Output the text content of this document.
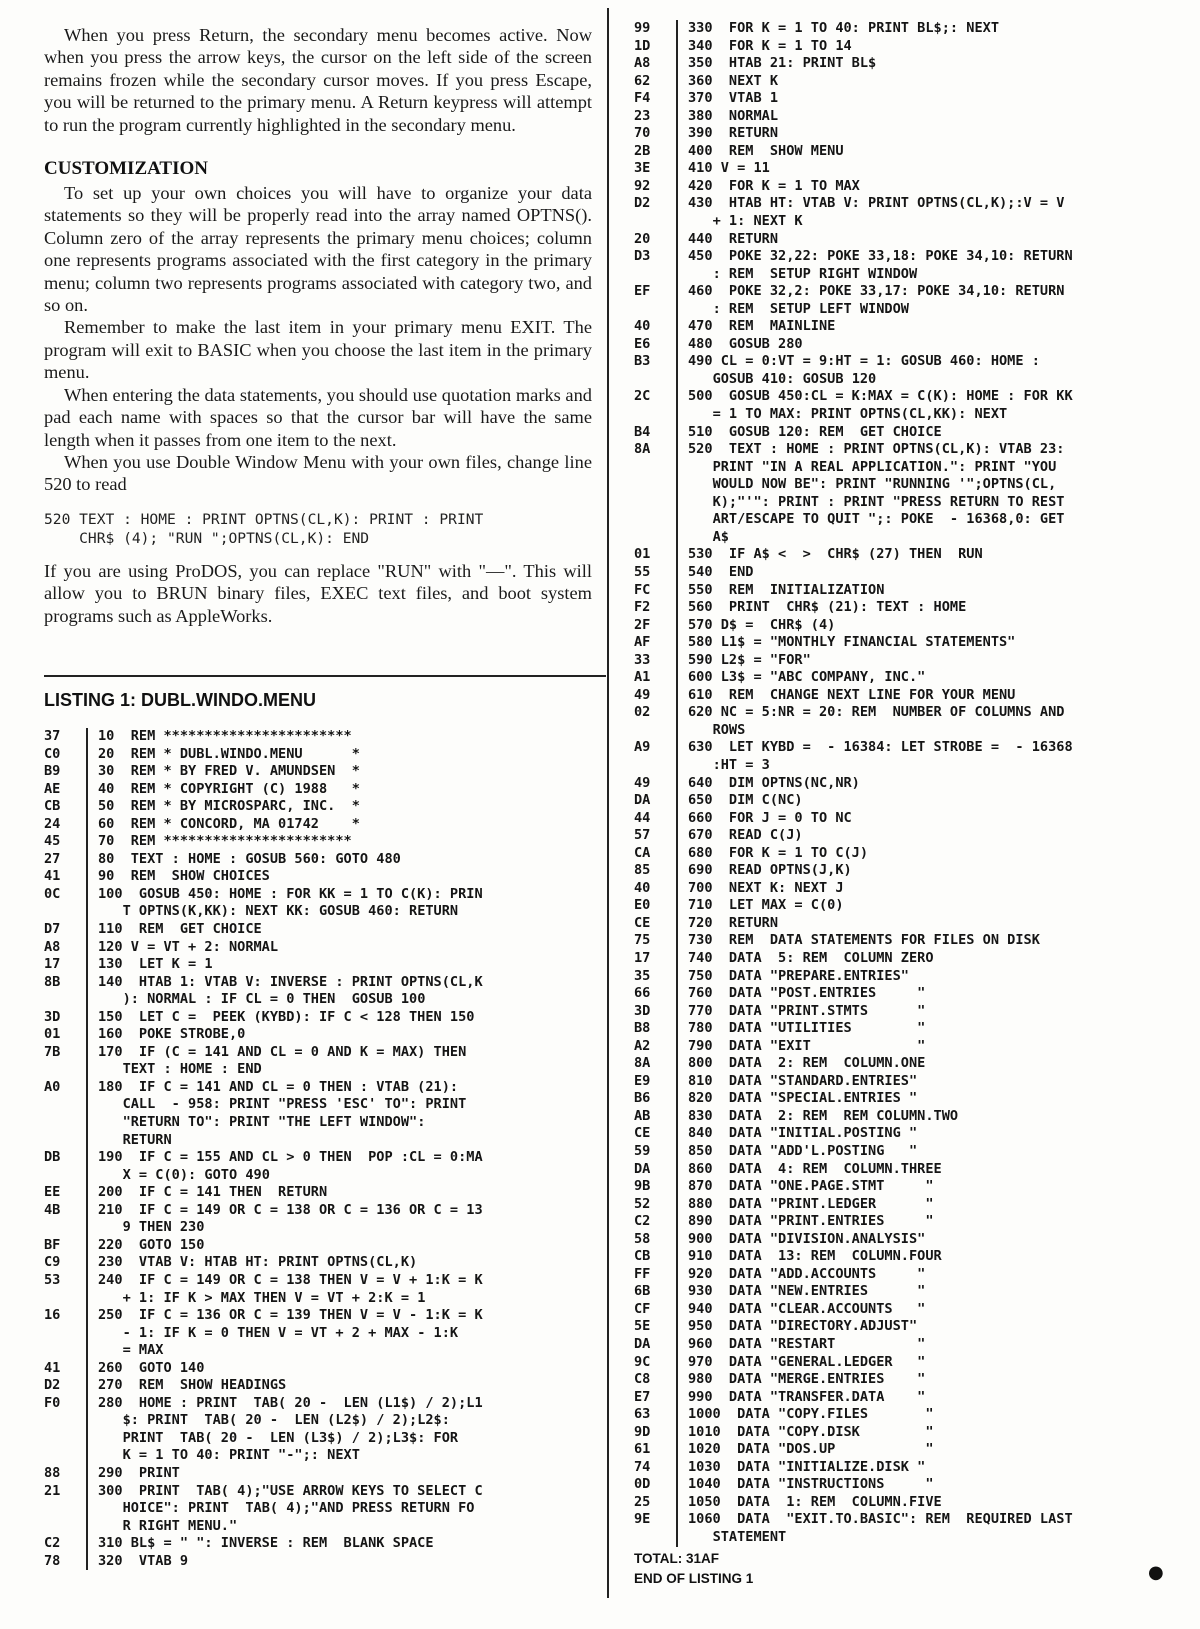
When you press Return, the secondary menu becomes active. Now when you press the arrow keys, the cursor on the left side of the screen remains frozen while the secondary cursor moves. If you press Escape, you will be returned to the primary menu. A Return keypress will attempt to run the program currently highlighted in the secondary menu.

CUSTOMIZATION

To set up your own choices you will have to organize your data statements so they will be properly read into the array named OPTNS(). Column zero of the array represents the primary menu choices; column one represents programs associated with the first category in the primary menu; column two represents programs associated with category two, and so on.

Remember to make the last item in your primary menu EXIT. The program will exit to BASIC when you choose the last item in the primary menu.

When entering the data statements, you should use quotation marks and pad each name with spaces so that the cursor bar will have the same length when it passes from one item to the next.

When you use Double Window Menu with your own files, change line 520 to read

520 TEXT : HOME : PRINT OPTNS(CL,K): PRINT : PRINT
CHR$ (4); "RUN ";OPTNS(CL,K): END

If you are using ProDOS, you can replace "RUN" with "—". This will allow you to BRUN binary files, EXEC text files, and boot system programs such as AppleWorks.

LISTING 1: DUBL.WINDO.MENU
37	10  REM ***********************
C0	20  REM * DUBL.WINDO.MENU      *
B9	30  REM * BY FRED V. AMUNDSEN  *
AE	40  REM * COPYRIGHT (C) 1988   *
CB	50  REM * BY MICROSPARC, INC.  *
24	60  REM * CONCORD, MA 01742    *
45	70  REM ***********************
27	80  TEXT : HOME : GOSUB 560: GOTO 480
41	90  REM  SHOW CHOICES
0C	100  GOSUB 450: HOME : FOR KK = 1 TO C(K): PRIN
T OPTNS(K,KK): NEXT KK: GOSUB 460: RETURN
D7	110  REM  GET CHOICE
A8	120 V = VT + 2: NORMAL
17	130  LET K = 1
8B	140  HTAB 1: VTAB V: INVERSE : PRINT OPTNS(CL,K
): NORMAL : IF CL = 0 THEN  GOSUB 100
3D	150  LET C =  PEEK (KYBD): IF C < 128 THEN 150
01	160  POKE STROBE,0
7B	170  IF (C = 141 AND CL = 0 AND K = MAX) THEN
TEXT : HOME : END
A0	180  IF C = 141 AND CL = 0 THEN : VTAB (21):
CALL  - 958: PRINT "PRESS 'ESC' TO": PRINT
"RETURN TO": PRINT "THE LEFT WINDOW":
RETURN
DB	190  IF C = 155 AND CL > 0 THEN  POP :CL = 0:MA
X = C(0): GOTO 490
EE	200  IF C = 141 THEN  RETURN
4B	210  IF C = 149 OR C = 138 OR C = 136 OR C = 13
9 THEN 230
BF	220  GOTO 150
C9	230  VTAB V: HTAB HT: PRINT OPTNS(CL,K)
53	240  IF C = 149 OR C = 138 THEN V = V + 1:K = K
+ 1: IF K > MAX THEN V = VT + 2:K = 1
16	250  IF C = 136 OR C = 139 THEN V = V - 1:K = K
- 1: IF K = 0 THEN V = VT + 2 + MAX - 1:K
= MAX
41	260  GOTO 140
D2	270  REM  SHOW HEADINGS
F0	280  HOME : PRINT  TAB( 20 -  LEN (L1$) / 2);L1
$: PRINT  TAB( 20 -  LEN (L2$) / 2);L2$:
PRINT  TAB( 20 -  LEN (L3$) / 2);L3$: FOR
K = 1 TO 40: PRINT "-";: NEXT
88	290  PRINT
21	300  PRINT  TAB( 4);"USE ARROW KEYS TO SELECT C
HOICE": PRINT  TAB( 4);"AND PRESS RETURN FO
R RIGHT MENU."
C2	310 BL$ = " ": INVERSE : REM  BLANK SPACE
78	320  VTAB 9
99	330  FOR K = 1 TO 40: PRINT BL$;: NEXT
1D	340  FOR K = 1 TO 14
A8	350  HTAB 21: PRINT BL$
62	360  NEXT K
F4	370  VTAB 1
23	380  NORMAL
70	390  RETURN
2B	400  REM  SHOW MENU
3E	410 V = 11
92	420  FOR K = 1 TO MAX
D2	430  HTAB HT: VTAB V: PRINT OPTNS(CL,K);:V = V
+ 1: NEXT K
20	440  RETURN
D3	450  POKE 32,22: POKE 33,18: POKE 34,10: RETURN
: REM  SETUP RIGHT WINDOW
EF	460  POKE 32,2: POKE 33,17: POKE 34,10: RETURN
: REM  SETUP LEFT WINDOW
40	470  REM  MAINLINE
E6	480  GOSUB 280
B3	490 CL = 0:VT = 9:HT = 1: GOSUB 460: HOME :
GOSUB 410: GOSUB 120
2C	500  GOSUB 450:CL = K:MAX = C(K): HOME : FOR KK
= 1 TO MAX: PRINT OPTNS(CL,KK): NEXT
B4	510  GOSUB 120: REM  GET CHOICE
8A	520  TEXT : HOME : PRINT OPTNS(CL,K): VTAB 23:
PRINT "IN A REAL APPLICATION.": PRINT "YOU
WOULD NOW BE": PRINT "RUNNING '";OPTNS(CL,
K);"'": PRINT : PRINT "PRESS RETURN TO REST
ART/ESCAPE TO QUIT ";: POKE  - 16368,0: GET
A$
01	530  IF A$ <  >  CHR$ (27) THEN  RUN
55	540  END
FC	550  REM  INITIALIZATION
F2	560  PRINT  CHR$ (21): TEXT : HOME
2F	570 D$ =  CHR$ (4)
AF	580 L1$ = "MONTHLY FINANCIAL STATEMENTS"
33	590 L2$ = "FOR"
A1	600 L3$ = "ABC COMPANY, INC."
49	610  REM  CHANGE NEXT LINE FOR YOUR MENU
02	620 NC = 5:NR = 20: REM  NUMBER OF COLUMNS AND
ROWS
A9	630  LET KYBD =  - 16384: LET STROBE =  - 16368
:HT = 3
49	640  DIM OPTNS(NC,NR)
DA	650  DIM C(NC)
44	660  FOR J = 0 TO NC
57	670  READ C(J)
CA	680  FOR K = 1 TO C(J)
85	690  READ OPTNS(J,K)
40	700  NEXT K: NEXT J
E0	710  LET MAX = C(0)
CE	720  RETURN
75	730  REM  DATA STATEMENTS FOR FILES ON DISK
17	740  DATA  5: REM  COLUMN ZERO
35	750  DATA "PREPARE.ENTRIES"
66	760  DATA "POST.ENTRIES     "
3D	770  DATA "PRINT.STMTS      "
B8	780  DATA "UTILITIES        "
A2	790  DATA "EXIT             "
8A	800  DATA  2: REM  COLUMN.ONE
E9	810  DATA "STANDARD.ENTRIES"
B6	820  DATA "SPECIAL.ENTRIES "
AB	830  DATA  2: REM  REM COLUMN.TWO
CE	840  DATA "INITIAL.POSTING "
59	850  DATA "ADD'L.POSTING   "
DA	860  DATA  4: REM  COLUMN.THREE
9B	870  DATA "ONE.PAGE.STMT     "
52	880  DATA "PRINT.LEDGER      "
C2	890  DATA "PRINT.ENTRIES     "
58	900  DATA "DIVISION.ANALYSIS"
CB	910  DATA  13: REM  COLUMN.FOUR
FF	920  DATA "ADD.ACCOUNTS     "
6B	930  DATA "NEW.ENTRIES      "
CF	940  DATA "CLEAR.ACCOUNTS   "
5E	950  DATA "DIRECTORY.ADJUST"
DA	960  DATA "RESTART          "
9C	970  DATA "GENERAL.LEDGER   "
C8	980  DATA "MERGE.ENTRIES    "
E7	990  DATA "TRANSFER.DATA    "
63	1000  DATA "COPY.FILES       "
9D	1010  DATA "COPY.DISK        "
61	1020  DATA "DOS.UP           "
74	1030  DATA "INITIALIZE.DISK "
0D	1040  DATA "INSTRUCTIONS     "
25	1050  DATA  1: REM  COLUMN.FIVE
9E	1060  DATA  "EXIT.TO.BASIC": REM  REQUIRED LAST
STATEMENT
TOTAL: 31AF
END OF LISTING 1	●
